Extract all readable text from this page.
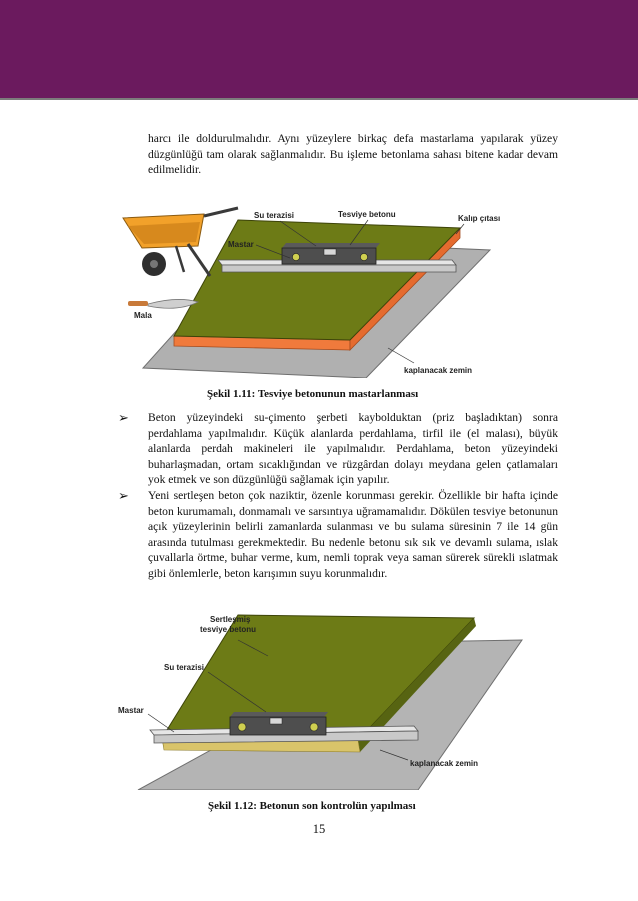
harcı ile doldurulmalıdır. Aynı yüzeylere birkaç defa mastarlama yapılarak yüzey düzgünlüğü tam olarak sağlanmalıdır. Bu işleme betonlama sahası bitene kadar devam edilmelidir.

Su terazisi	Tesviye betonu	Kalıp çıtası
Mastar
Mala
kaplanacak zemin
Şekil 1.11: Tesviye betonunun mastarlanması
➢ Beton yüzeyindeki su-çimento şerbeti kaybolduktan (priz başladıktan) sonra perdahlama yapılmalıdır. Küçük alanlarda perdahlama, tirfil ile (el malası), büyük alanlarda perdah makineleri ile yapılmalıdır. Perdahlama, beton yüzeyindeki buharlaşmadan, ortam sıcaklığından ve rüzgârdan dolayı meydana gelen çatlamaları yok etmek ve son düzgünlüğü sağlamak için yapılır.
➢ Yeni sertleşen beton çok naziktir, özenle korunması gerekir. Özellikle bir hafta içinde beton kurumamalı, donmamalı ve sarsıntıya uğramamalıdır. Dökülen tesviye betonunun açık yüzeylerinin belirli zamanlarda sulanması ve bu sulama süresinin 7 ile 14 gün arasında tutulması gerekmektedir. Bu nedenle betonu sık sık ve devamlı sulama, ıslak çuvallarla örtme, buhar verme, kum, nemli toprak veya saman sürerek sürekli ıslatmak gibi önlemlerle, beton karışımın suyu korunmalıdır.
Sertleşmiş
tesviye betonu
Su terazisi
Mastar
kaplanacak zemin
Şekil 1.12: Betonun son kontrolün yapılması
15
